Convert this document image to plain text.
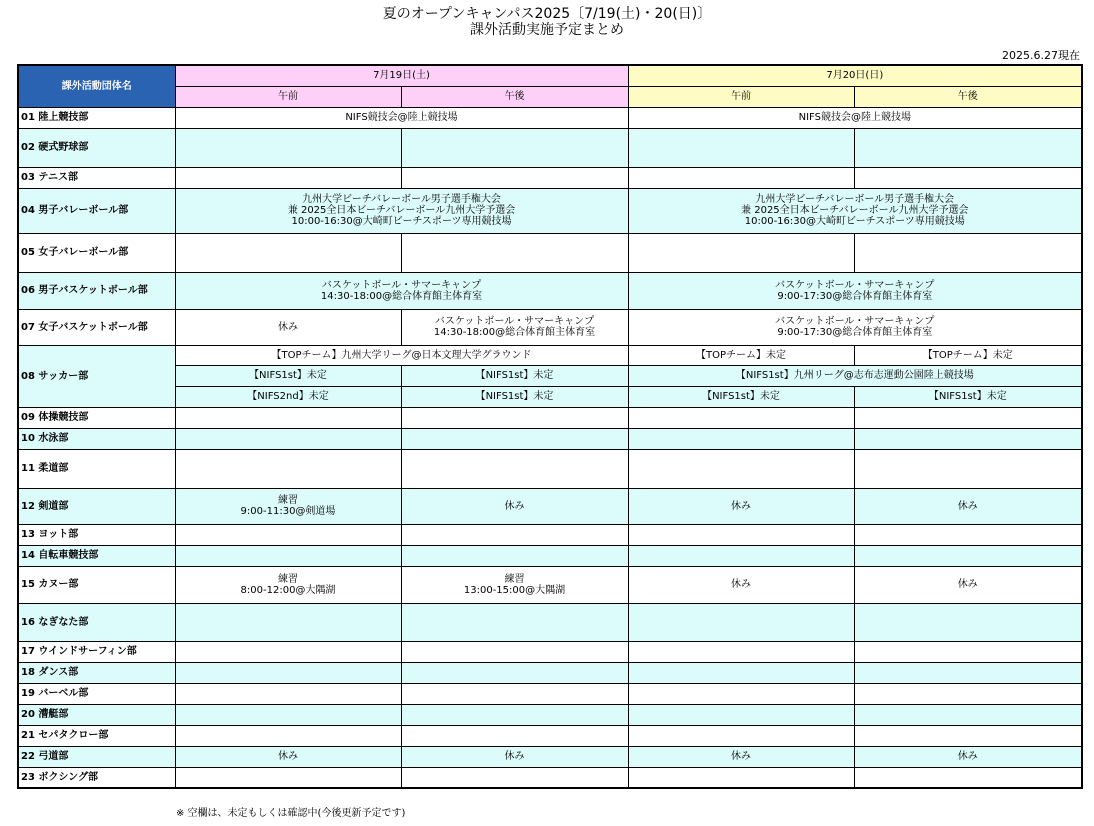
夏のオープンキャンパス2025〔7/19(土)・20(日)〕
課外活動実施予定まとめ
2025.6.27現在
課外活動団体名	7月19日(土)		7月20日(日)	
	午前	午後	午前	午後
01 陸上競技部	NIFS競技会@陸上競技場		NIFS競技会@陸上競技場	
02 硬式野球部				
03 テニス部				
04 男子バレーボール部	九州大学ビーチバレーボール男子選手権大会
兼 2025全日本ビーチバレーボール九州大学予選会
10:00-16:30@大崎町ビーチスポーツ専用競技場		九州大学ビーチバレーボール男子選手権大会
兼 2025全日本ビーチバレーボール九州大学予選会
10:00-16:30@大崎町ビーチスポーツ専用競技場	

05 女子バレーボール部				
06 男子バスケットボール部	バスケットボール・サマーキャンプ
14:30-18:00@総合体育館主体育室		バスケットボール・サマーキャンプ
9:00-17:30@総合体育館主体育室	

07 女子バスケットボール部	休み	バスケットボール・サマーキャンプ
14:30-18:00@総合体育館主体育室	バスケットボール・サマーキャンプ
9:00-17:30@総合体育館主体育室	

08 サッカー部	【TOPチーム】九州大学リーグ@日本文理大学グラウンド		【TOPチーム】未定	【TOPチーム】未定
	【NIFS1st】未定	【NIFS1st】未定	【NIFS1st】九州リーグ@志布志運動公園陸上競技場	
	【NIFS2nd】未定	【NIFS1st】未定	【NIFS1st】未定	【NIFS1st】未定
09 体操競技部				
10 水泳部				
11 柔道部				
12 剣道部	練習
9:00-11:30@剣道場	休み	休み	休み
13 ヨット部				
14 自転車競技部				
15 カヌー部	練習
8:00-12:00@大隅湖	練習
13:00-15:00@大隅湖	休み	休み
16 なぎなた部				
17 ウインドサーフィン部				
18 ダンス部				
19 バーベル部				
20 漕艇部				
21 セパタクロー部				
22 弓道部	休み	休み	休み	休み
23 ボクシング部				
※ 空欄は、未定もしくは確認中(今後更新予定です)
